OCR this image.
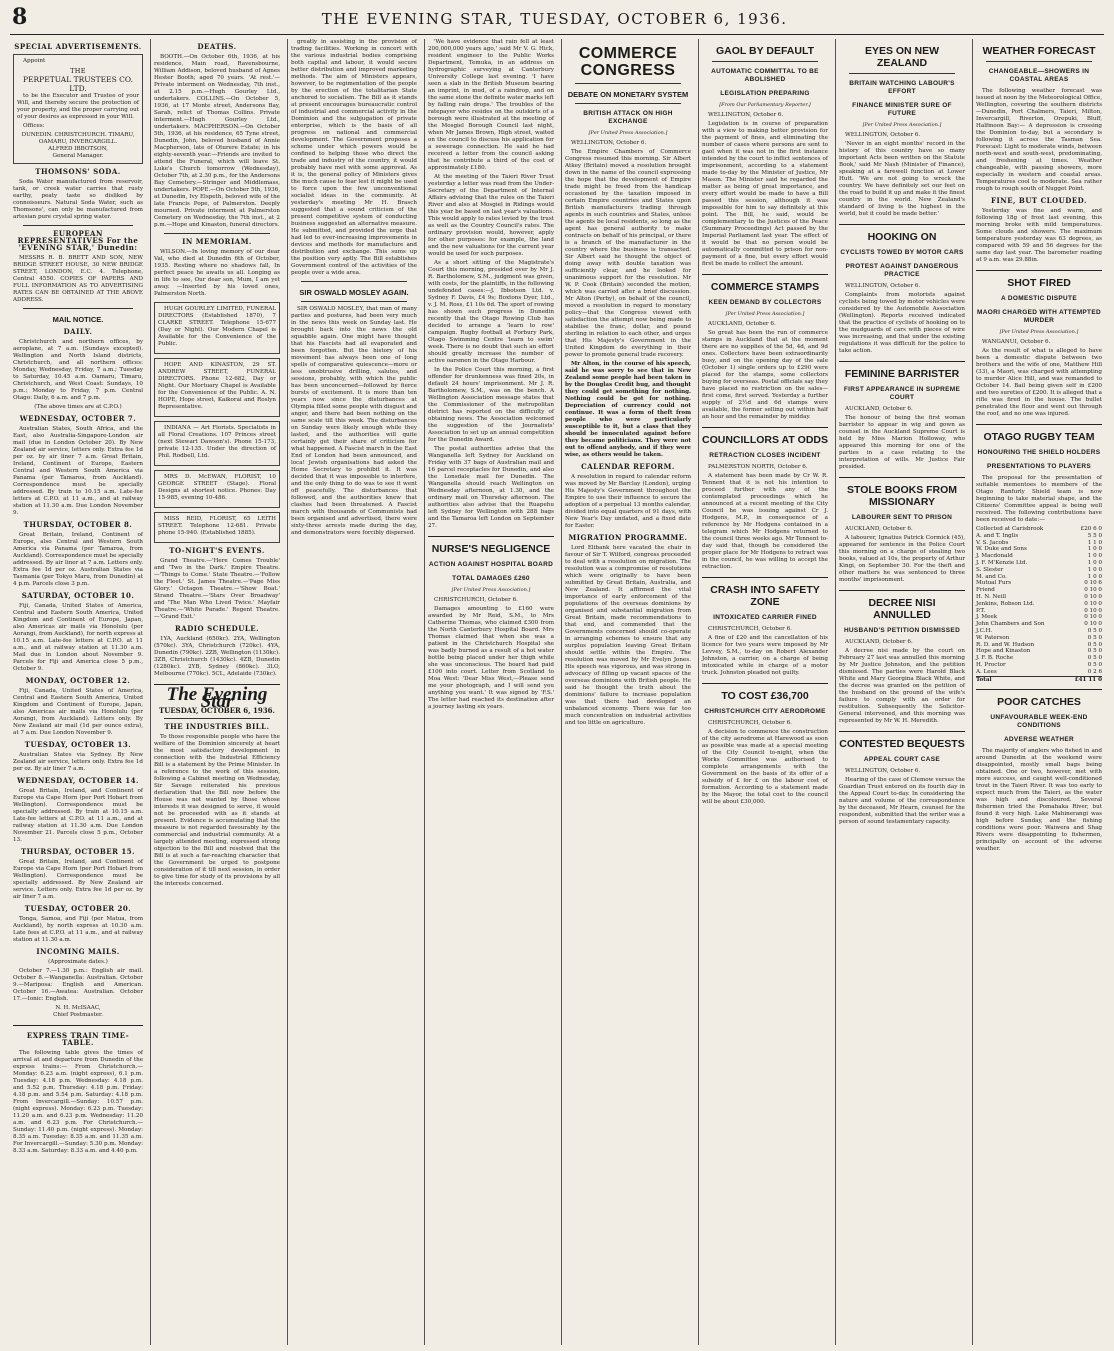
8	THE EVENING STAR, TUESDAY, OCTOBER 6, 1936.
SPECIAL ADVERTISEMENTS.

Appoint

THE
PERPETUAL TRUSTEES CO. LTD.

to be the Executor and Trustee of your Will, and thereby secure the protection of your property, and the proper carrying out of your desires as expressed in your Will.

Offices:

DUNEDIN. CHRISTCHURCH. TIMARU,
OAMARU, INVERCARGILL.
ALFRED IBBOTSON,
General Manager.
THOMSONS' SODA.

Soda Water manufactured from reservoir, tank, or creek water carries that rusty earthy, peaty taste so disliked by connoisseurs. Natural Soda Water, such as Thomsons', can only be manufactured from artesian pure crystal spring water.

EUROPEAN REPRESENTATIVES For the 'EVENING STAR,' Dunedin:

MESSRS R. B. BRETT AND SON, NEW BRIDGE STREET HOUSE, 30 NEW BRIDGE STREET, LONDON, E.C. 4. Telephone, Central 4550. COPIES OF PAPERS AND FULL INFORMATION AS TO ADVERTISING RATES CAN BE OBTAINED AT THE ABOVE ADDRESS.

MAIL NOTICE.
DAILY.

Christchurch and northern offices, by aeroplane, at 7 a.m. (Sundays excepted). Wellington and North Island districts, Christchurch, and all northern offices: Monday, Wednesday, Friday, 7 a.m.; Tuesday to Saturday, 10.45 a.m. Oamaru, Timaru, Christchurch, and West Coast: Sundays, 10 p.m.; Monday to Friday, 7 p.m. Central Otago: Daily, 6 a.m. and 7 p.m.

(The above times are at C.P.O.)

WEDNESDAY, OCTOBER 7.

Australian States, South Africa, and the East, also Australia-Singapore-London air mail (due in London October 20). By New Zealand air service, letters only. Extra fee 1d per oz. by air liner 7 a.m. Great Britain, Ireland, Continent of Europe, Eastern Central and Western South America via Panama (per Tamaroa, from Auckland). Correspondence must be specially addressed. By train to 10.15 a.m. Late-fee letters at C.P.O. at 11 a.m., and at railway station at 11.30 a.m. Due London November 9.

THURSDAY, OCTOBER 8.

Great Britain, Ireland, Continent of Europe, also Central and Western South America via Panama (per Tamaroa, from Auckland). Correspondence must be specially addressed. By air liner at 7 a.m. Letters only. Extra fee 1d per oz. Australian States via Tasmania (per Tokyo Maru, from Dunedin) at 4 p.m. Parcels close 3 p.m.

SATURDAY, OCTOBER 10.

Fiji, Canada, United States of America, Central and Eastern South America, United Kingdom and Continent of Europe, Japan, also Americas air mails via Honolulu (per Aorangi, from Auckland), for north express at 10.15 a.m. Late-fee letters at C.P.O. at 11 a.m., and at railway station at 11.30 a.m. Mail due in London about November 9. Parcels for Fiji and America close 5 p.m., October 9.

MONDAY, OCTOBER 12.

Fiji, Canada, United States of America, Central and Eastern South America, United Kingdom and Continent of Europe, Japan, also Americas air mails via Honolulu (per Aorangi, from Auckland). Letters only. By New Zealand air mail (1d per ounce extra), at 7 a.m. Due London November 9.

TUESDAY, OCTOBER 13.

Australian States via Sydney. By New Zealand air service, letters only. Extra fee 1d per oz. By air liner 7 a.m.

WEDNESDAY, OCTOBER 14.

Great Britain, Ireland, and Continent of Europe via Cape Horn (per Port Hobart from Wellington). Correspondence must be specially addressed. By train at 10.15 a.m. Late-fee letters at C.P.O. at 11 a.m., and at railway station at 11.30 a.m. Due London November 21. Parcels close 5 p.m., October 13.

THURSDAY, OCTOBER 15.

Great Britain, Ireland, and Continent of Europe via Cape Horn (per Port Hobart from Wellington). Correspondence must be specially addressed. By New Zealand air service. Letters only. Extra fee 1d per oz. by air liner 7 a.m.

TUESDAY, OCTOBER 20.

Tonga, Samoa, and Fiji (per Matua, from Auckland), by north express at 10.30 a.m. Late fees at C.P.O. at 11 a.m., and at railway station at 11.30 a.m.

INCOMING MAILS.

(Approximate dates.)

October 7.—1.30 p.m.: English air mail. October 8.—Wanganella: Australian. October 9.—Mariposa: English and American. October 16.—Awatea: Australian. October 17.—Ionic: English.

N. H. McISAAC,
Chief Postmaster.
EXPRESS TRAIN TIME-TABLE.

The following table gives the times of arrival at and departure from Dunedin of the express trains:— From Christchurch.—Monday: 6.23 a.m. (night express), 6.1 p.m. Tuesday: 4.18 p.m. Wednesday: 4.18 p.m. and 5.52 p.m. Thursday: 4.18 p.m. Friday: 4.18 p.m. and 5.54 p.m. Saturday: 4.18 p.m. From Invercargill.—Sunday: 10.57 p.m. (night express). Monday: 6.23 p.m. Tuesday: 11.20 a.m. and 6.23 p.m. Wednesday: 11.20 a.m. and 6.23 p.m. For Christchurch.—Sunday: 11.40 p.m. (night express). Monday: 8.35 a.m. Tuesday: 8.35 a.m. and 11.35 a.m. For Invercargill.—Sunday: 5.30 p.m. Monday: 8.33 a.m. Saturday: 8.33 a.m. and 4.40 p.m.

DEATHS.

BOOTH.—On October 6th, 1936, at his residence, Main road, Ravensbourne, William Addison, beloved husband of Agnes Hester Booth; aged 70 years. 'At rest.'—Private interment on Wednesday, 7th inst., at 2.15 p.m.—Hugh Gourley Ltd., undertakers. COLLINS.—On October 5, 1936, at 17 Monte street, Andersons Bay, Sarah, relict of Thomas Collins. Private interment.—Hugh Gourley Ltd., undertakers. MACPHERSON.—On October 5th, 1936, at his residence, 65 Tyne street, Dunedin, John, beloved husband of Annie Macpherson, late of Oturere Estate; in his eighty-seventh year.—Friends are invited to attend the Funeral, which will leave St. Luke's Church tomorrow (Wednesday), October 7th, at 2.30 p.m., for the Andersons Bay Cemetery.—Stringer and Middlemass, undertakers. POPE.—On October 5th, 1936, at Dunedin, Ivy Elspeth, beloved wife of the late Francis Pope, of Palmerston. Deeply mourned. Private interment at Palmerston Cemetery on Wednesday, the 7th inst., at 2 p.m.—Hope and Kinaston, funeral directors.

IN MEMORIAM.

WILSON.—In loving memory of our dear Val, who died at Dunedin 6th of October, 1935. Resting where no shadows fall, In perfect peace he awaits us all. Longing as in life to see, Our dear son, Mum, I am yet away. —Inserted by his loved ones, Palmerston North.

HUGH GOURLEY LIMITED, FUNERAL DIRECTORS (Established 1870), 7 CLARKE STREET. Telephone 15-677 (Day or Night). Our Modern Chapel is Available for the Convenience of the Public.

HOPE AND KINASTON, 29 ST. ANDREW STREET, FUNERAL DIRECTORS. Phone 12-682, Day or Night. Our Mortuary Chapel is Available for the Convenience of the Public. A. N. HOPE, Hope street, Kaikorai and Roslyn Representative.

INDIANA — Art Florists. Specialists in all Floral Creations. 107 Princes street (next Stewart Dawson's). Phone 15-173, private 12-135. Under the direction of Phil. Rodbell, Ltd.

MRS D. McEWAN, FLORIST, 10 GEORGE STREET (Stage). Floral Designs at shortest notice. Phones: Day 15-985, evening 10-486.

MISS REID, FLORIST, 65 LEITH STREET. Telephone 12-681. Private phone 15-940. (Established 1885).

TO-NIGHT'S EVENTS.

Grand Theatre.—'Here Comes Trouble' and 'Two in the Dark.' Empire Theatre.—'Things to Come.' State Theatre.—'Follow the Fleet.' St. James Theatre.—'Page Miss Glory.' Octagon Theatre.—'Show Boat.' Strand Theatre.—'Stars Over Broadway' and 'The Man Who Lived Twice.' Mayfair Theatre.—'White Parade.' Regent Theatre.—'Grand Exit.'

RADIO SCHEDULE.

1YA, Auckland (650kc). 2YA, Wellington (570kc). 3YA, Christchurch (720kc). 4YA, Dunedin (790kc). 2ZB, Wellington (1130kc). 3ZB, Christchurch (1430kc). 4ZB, Dunedin (1280kc). 2YB, Sydney (860kc). 3LO, Melbourne (770kc). 5CL, Adelaide (730kc).

The Evening Star
TUESDAY, OCTOBER 6, 1936.
THE INDUSTRIES BILL.

To those responsible people who have the welfare of the Dominion sincerely at heart the most satisfactory development in connection with the Industrial Efficiency Bill is a statement by the Prime Minister. In a reference to the work of this session, following a Cabinet meeting on Wednesday, Sir Savage reiterated his previous declaration that the Bill now before the House was not wanted by those whose interests it was designed to serve, it would not be proceeded with as it stands at present. Evidence is accumulating that the measure is not regarded favourably by the commercial and industrial community. At a largely attended meeting, expressed strong objection to the Bill and resolved that the Bill is at such a far-reaching character that the Government be urged to postpone consideration of it till next session, in order to give time for study of its provisions by all the interests concerned.

greatly in assisting in the provision of trading facilities. Working in concert with the various industrial bodies comprising both capital and labour, it would secure better distribution and improved marketing methods. The aim of Ministers appears, however, to be regimentation of the people by the erection of the totalitarian State anchored to socialism. The Bill as it stands at present encourages bureaucratic control of industrial and commercial activity in the Dominion and the subjugation of private enterprise, which is the basis of all progress on national and commercial development. The Government proposes a scheme under which powers would be confined to helping those who direct the trade and industry of the country, it would probably have met with some approval. As it is, the general policy of Ministers gives the much cause to fear lest it might be used to force upon the few unconventional socialist ideas in the community. At yesterday's meeting Mr H. Brasch suggested that a sound criticism of the present competitive system of conducting business suggested an alternative measure. He submitted, and provided the urge that had led to ever-increasing improvements in devices and methods for manufacture and distribution and exchange. This sums up the position very aptly. The Bill establishes Government control of the activities of the people over a wide area.

SIR OSWALD MOSLEY AGAIN.

SIR OSWALD MOSLEY, that man of many parties and postures, had been very much in the news this week on Sunday last. He brought back into the news the old squabble again. One might have thought that his Fascists had all evaporated and been forgotten. But the history of his movement has always been one of long spells of comparative quiescence—more or less unobtrusive drilling, salutes, and sessions, probably, with which the public has been unconcerned—followed by fierce bursts of excitement. It is more than ten years now since the disturbances at Olympia filled some people with disgust and anger, and there had been nothing on the same scale till this week. The disturbances on Sunday were likely enough while they lasted, and the authorities will quite certainly get their share of criticism for what happened. A Fascist march in the East End of London had been announced, and loca! Jewish organisations had asked the Home Secretary to prohibit it. It was decided that it was impossible to interfere, and the only thing to do was to see it went off peacefully. The disturbances that followed, and the authorities knew that clashes had been threatened. A Fascist march with thousands of Communists had been organised and advertised, there were sixty-three arrests made during the day, and demonstrators were forcibly dispersed.

'We have evidence that rain fell at least 200,000,000 years ago,' said Mr V. G. Hick, resident engineer to the Public Works Department, Temuka, in an address on hydrographic surveying at Canterbury University College last evening. 'I have seen a slab in the British Museum bearing an imprint, in mud, of a raindrop, and on the same stone the definite water marks left by falling rain drops.' The troubles of the ratepayer who resides on the outskirts of a borough were illustrated at the meeting of the Mosgiel Borough Council last night, when Mr James Brown, High street, waited on the council to discuss his application for a sewerage connection. He said he had received a letter from the council asking that he contribute a third of the cost of approximately £180.

At the meeting of the Taieri River Trust yesterday a letter was read from the Under-Secretary of the Department of Internal Affairs advising that the rules on the Taieri River and also at Mosgiel in Ridings would this year be based on last year's valuations. This would apply to rates levied by the trust as well as the Country Council's rates. The ordinary provision would, however, apply for other purposes: for example, the land and the new valuations for the current year would be used for such purposes.

As a short sitting of the Magistrate's Court this morning, presided over by Mr J. R. Bartholomew, S.M., judgment was given, with costs, for the plaintiffs, in the following undefended cases:—J. Ibbotson Ltd. v. Sydney F. Davis, £4 9s; Boxtons Dyer, Ltd., v. J. M. Ross, £1 10s 6d. The sport of rowing has shown such progress in Dunedin recently that the Otago Rowing Club has decided to arrange a 'learn to row' campaign. Rugby football at Forbury Park, Otago Swimming Centre 'learn to swim' week. There is no doubt that such an effort should greatly increase the number of active oarsmen in the Otago Harbour.

In the Police Court this morning, a first offender for drunkenness was fined 20s, in default 24 hours' imprisonment. Mr J. R. Bartholomew, S.M., was on the bench. A Wellington Association message states that the Commissioner of the metropolitan district has reported on the difficulty of obtaining news. The Association welcomed the suggestion of the Journalists' Association to set up an annual competition for the Dunedin Award.

The postal authorities advise that the Wanganella left Sydney for Auckland on Friday with 37 bags of Australian mail and 16 parcel receptacles for Dunedin, and also the Lonsdale mail for Dunedin. The Wanganella should reach Wellington on Wednesday afternoon, at 1.30, and the ordinary mail on Thursday afternoon. The authorities also advise that the Ruapehu left Sydney for Wellington with 288 bags and the Tamaroa left London on September 27.

NURSE'S NEGLIGENCE
ACTION AGAINST HOSPITAL BOARD
TOTAL DAMAGES £260
[Per United Press Association.]

CHRISTCHURCH, October 6.

Damages amounting to £160 were awarded by Mr Reid, S.M., to Mrs Catherine Thomas, who claimed £300 from the North Canterbury Hospital Board. Mrs Thomas claimed that when she was a patient in the Christchurch Hospital she was badly burned as a result of a hot water bottle being placed under her thigh while she was unconscious. The board had paid £100 into court. Letter from Scotland to Moa West: 'Dear Miss West,—Please send me your photograph, and I will send you anything you want.' It was signed by 'F.S.' The letter had reached its destination after a journey lasting six years.

COMMERCE CONGRESS
DEBATE ON MONETARY SYSTEM
BRITISH ATTACK ON HIGH EXCHANGE
[Per United Press Association.]

WELLINGTON, October 6.

The Empire Chambers of Commerce Congress resumed this morning. Sir Albert Atkey (Britain) moved a resolution brought down in the name of the council expressing the hope that the development of Empire trade might be freed from the handicap occasioned by the taxation imposed in certain Empire countries and States upon British manufacturers trading through agents in such countries and States, unless the agents be local residents, so long as the agent has general authority to make contracts on behalf of his principal, or there is a branch of the manufacturer in the country where the business is transacted. Sir Albert said he thought the object of doing away with double taxation was sufficiently clear, and he looked for unanimous support for the resolution. Mr W. P. Cook (Britain) seconded the motion, which was carried after a brief discussion. Mr Alton (Perby), on behalf of the council, moved a resolution in regard to monetary policy—that the Congress viewed with satisfaction the attempt now being made to stabilise the franc, dollar, and pound sterling in relation to each other, and urges that His Majesty's Government in the United Kingdom do everything in their power to promote general trade recovery.

Mr Alton, in the course of his speech, said he was sorry to see that in New Zealand some people had been taken in by the Douglas Credit bug, and thought they could get something for nothing. Nothing could be got for nothing. Depreciation of currency could not continue. It was a form of theft from people who were particularly susceptible to it, but a class that they should be innoculated against before they became politicians. They were not out to offend anybody, and if they were wise, as others would be taken.

CALENDAR REFORM.

A resolution in regard to calendar reform was moved by Mr Barclay (London), urging His Majesty's Government throughout the Empire to use their influence to secure the adoption of a perpetual 13 months calendar, divided into equal quarters of 91 days, with New Year's Day undated, and a fixed date for Easter.

MIGRATION PROGRAMME.

Lord Elibank here vacated the chair in favour of Sir T. Wilford, congress proceeded to deal with a resolution on migration. The resolution was a compromise of resolutions which were originally to have been submitted by Great Britain, Australia, and New Zealand. It affirmed the vital importance of early enforcement of the populations of the overseas dominions by organised and substantial migration from Great Britain, made recommendations to that end, and commended that the Governments concerned should co-operate in arranging schemes to ensure that any surplus population leaving Great Britain should settle within the Empire. The resolution was moved by Mr Evelyn Jones. His speech was vigorous, and was strong in advocacy of filling up vacant spaces of the overseas dominions with British people. He said he thought the truth about the dominions' failure to increase population was that there had developed an unbalanced economy. There was far too much concentration on industrial activities and too little on agriculture.

GAOL BY DEFAULT
AUTOMATIC COMMITTAL TO BE ABOLISHED
LEGISLATION PREPARING
[From Our Parliamentary Reporter.]

WELLINGTON, October 6.

Legislation is in course of preparation with a view to making better provision for the payment of fines, and eliminating the number of cases where persons are sent to gaol when it was not in the first instance intended by the court to inflict sentences of imprisonment, according to a statement made to-day by the Minister of Justice, Mr Mason. The Minister said he regarded the matter as being of great importance, and every effort would be made to have a Bill passed this session, although it was impossible for him to say definitely at this point. The Bill, he said, would be complementary to the Justices of the Peace (Summary Proceedings) Act passed by the Imperial Parliament last year. The effect of it would be that no person would be automatically committed to prison for non-payment of a fine, but every effort would first be made to collect the amount.

COMMERCE STAMPS
KEEN DEMAND BY COLLECTORS
[Per United Press Association.]

AUCKLAND, October 6.

So great has been the run of commerce stamps in Auckland that at the moment there are no supplies of the 5d, 4d, and 9d ones. Collectors have been extraordinarily busy, and on the opening day of the sale (October 1) single orders up to £290 were placed for the stamps, some collectors buying for overseas. Postal officials say they have placed no restriction on the sales—first come, first served. Yesterday a further supply of 2½d and 6d stamps were available, the former selling out within half an hour and the remainder by midday.

COUNCILLORS AT ODDS
RETRACTION CLOSES INCIDENT

PALMERSTON NORTH, October 6.

A statement has been made by Cr W. R. Tennent that it is not his intention to proceed further with any of the contemplated proceedings which he announced at a recent meeting of the City Council he was issuing against Cr J. Hodgens, M.P., in consequence of a reference by Mr Hodgens contained in a telegram which Mr Hodgens returned to the council three weeks ago. Mr Tennent to-day said that, though he considered the proper place for Mr Hodgens to retract was in the council, he was willing to accept the retraction.

CRASH INTO SAFETY ZONE
INTOXICATED CARRIER FINED

CHRISTCHURCH, October 6.

A fine of £20 and the cancellation of his licence for two years were imposed by Mr Levvey, S.M., to-day on Robert Alexander Johnston, a carrier, on a charge of being intoxicated while in charge of a motor truck. Johnston pleaded not guilty.

TO COST £36,700
CHRISTCHURCH CITY AERODROME

CHRISTCHURCH, October 6.

A decision to commence the construction of the city aerodrome at Harewood as soon as possible was made at a special meeting of the City Council to-night, when the Works Committee was authorised to complete arrangements with the Government on the basis of its offer of a subsidy of £ for £ on the labour cost of formation. According to a statement made by the Mayor, the total cost to the council will be about £30,000.

EYES ON NEW ZEALAND
BRITAIN WATCHING LABOUR'S EFFORT
FINANCE MINISTER SURE OF FUTURE
[Per United Press Association.]

WELLINGTON, October 6.

'Never in an eight months' record in the history of this country have so many important Acts been written on the Statute Book,' said Mr Nash (Minister of Finance), speaking at a farewell function at Lower Hutt. 'We are not going to wreck the country. We have definitely set our feet on the road to build it up and make it the finest country in the world. New Zealand's standard of living is the highest in the world, but it could be made better.'

HOOKING ON
CYCLISTS TOWED BY MOTOR CARS
PROTEST AGAINST DANGEROUS PRACTICE

WELLINGTON, October 6.

Complaints from motorists against cyclists being towed by motor vehicles were considered by the Automobile Association (Wellington). Reports received indicated that the practice of cyclists of hooking on to the mudguards of cars with pieces of wire was increasing, and that under the existing regulations it was difficult for the police to take action.

FEMININE BARRISTER
FIRST APPEARANCE IN SUPREME COURT

AUCKLAND, October 6.

The honour of being the first woman barrister to appear in wig and gown as counsel in the Auckland Supreme Court is held by Miss Marion Holloway, who appeared this morning for one of the parties in a case relating to the interpretation of wills. Mr Justice Fair presided.

STOLE BOOKS FROM MISSIONARY
LABOURER SENT TO PRISON

AUCKLAND, October 6.

A labourer, Ignatius Patrick Cormick (45), appeared for sentence in the Police Court this morning on a charge of stealing two books, valued at 10s, the property of Arthur Kingi, on September 30. For the theft and other matters he was sentenced to three months' imprisonment.

DECREE NISI ANNULLED
HUSBAND'S PETITION DISMISSED

AUCKLAND, October 6.

A decree nisi made by the court on February 27 last was annulled this morning by Mr Justice Johnston, and the petition dismissed. The parties were Harold Black White and Mary Georgina Black White, and the decree was granted on the petition of the husband on the ground of the wife's failure to comply with an order for restitution. Subsequently the Solicitor-General intervened, and this morning was represented by Mr W. H. Meredith.

CONTESTED BEQUESTS
APPEAL COURT CASE

WELLINGTON, October 6.

Hearing of the case of Clemow versus the Guardian Trust entered on its fourth day in the Appeal Court to-day. In considering the nature and volume of the correspondence by the deceased, Mr Hearn, counsel for the respondent, submitted that the writer was a person of sound testamentary capacity.

WEATHER FORECAST
CHANGEABLE—SHOWERS IN COASTAL AREAS

The following weather forecast was issued at noon by the Meteorological Office, Wellington, covering the southern districts—Dunedin, Port Chalmers, Taieri, Milton, Invercargill, Riverton, Orepuki, Bluff, Halfmoon Bay:— A depression is crossing the Dominion to-day, but a secondary is following it across the Tasman Sea. Forecast: Light to moderate winds, between north-west and south-west, predominating, and freshening at times. Weather changeable, with passing showers, more especially in western and coastal areas. Temperatures cool to moderate. Sea rather rough to rough south of Nugget Point.

FINE, BUT CLOUDED.

Yesterday was fine and warm, and following 18g of frost last evening, this morning broke with mild temperatures. Some clouds and showers. The maximum temperature yesterday was 63 degrees, as compared with 59 and 56 degrees for the same day last year. The barometer reading at 9 a.m. was 29.88in.

SHOT FIRED
A DOMESTIC DISPUTE
MAORI CHARGED WITH ATTEMPTED MURDER
[Per United Press Association.]

WANGANUI, October 6.

As the result of what is alleged to have been a domestic dispute between two brothers and the wife of one, Matthew Hill (33), a Maori, was charged with attempting to murder Alice Hill, and was remanded to October 14. Bail being given self in £200 and two sureties of £200. It is alleged that a rifle was fired in the house. The bullet penetrated the floor and went out through the roof, and no one was injured.

OTAGO RUGBY TEAM
HONOURING THE SHIELD HOLDERS
PRESENTATIONS TO PLAYERS

The proposal for the presentation of suitable mementoes to members of the Otago Ranfurly Shield team is now beginning to take material shape, and the Citizens' Committee appeal is being well received. The following contributions have been received to date:—

Collected at Carisbrook	£20 6 0
A. and T. Inglis	5 5 0
V. S. Jacobs	1 1 0
W. Duke and Sons	1 0 0
J. Macdonald	1 0 0
J. F. M'Kenzie Ltd.	1 0 0
S. Slester	1 0 0
M. and Co.	1 0 0
Mutual Furs	0 10 6
Friend	0 10 0
H. N. Neill	0 10 0
Jenkins, Robson Ltd.	0 10 0
P.T.	0 10 0
J. Meek	0 10 0
John Chambers and Son	0 10 0
J.C.H.	0 5 0
W. Paterson	0 5 0
R. D. and W. Hudson	0 5 0
Hope and Kinaston	0 5 0
J. F. B. Roche	0 5 0
H. Proctor	0 5 0
A. Lees	0 2 6
Total	£41 11 0
POOR CATCHES
UNFAVOURABLE WEEK-END CONDITIONS
ADVERSE WEATHER

The majority of anglers who fished in and around Dunedin at the weekend were disappointed, mostly small bags being obtained. One or two, however, met with more success, and caught well-conditioned trout in the Taieri River. It was too early to expect much from the Taieri, as the water was high and discoloured. Several fishermen tried the Pomahaka River, but found it very high. Lake Mahinerangi was high before Sunday, and the fishing conditions were poor. Waiwera and Shag Rivers were disappointing to fishermen, principally on account of the adverse weather.
